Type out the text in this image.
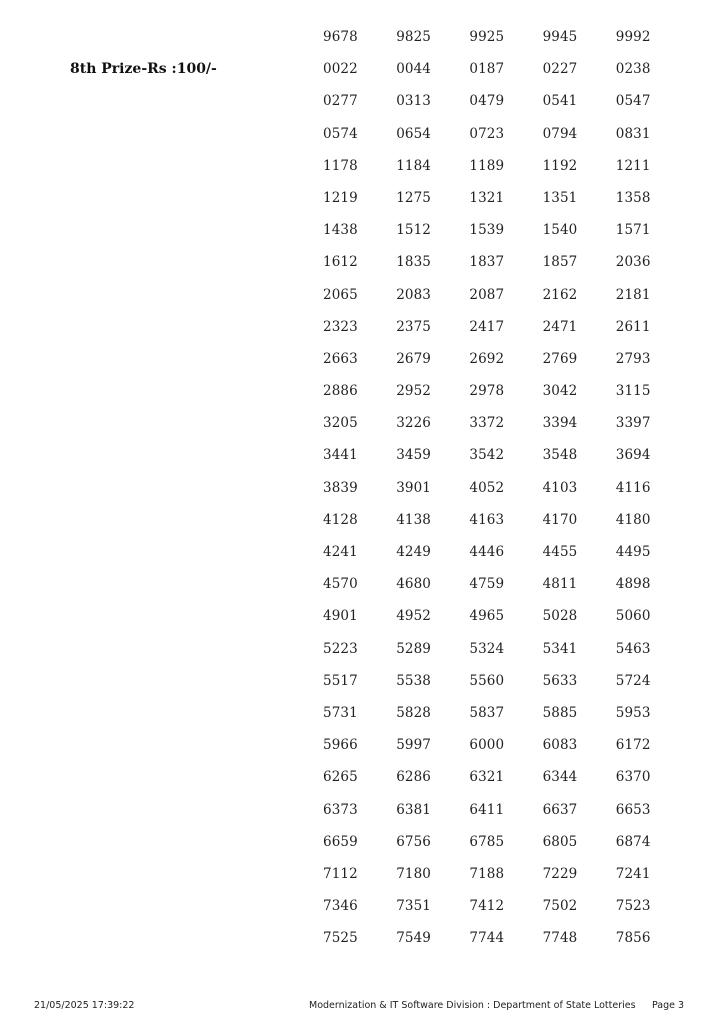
8th Prize-Rs :100/-
9678	9825	9925	9945	9992
0022	0044	0187	0227	0238
0277	0313	0479	0541	0547
0574	0654	0723	0794	0831
1178	1184	1189	1192	1211
1219	1275	1321	1351	1358
1438	1512	1539	1540	1571
1612	1835	1837	1857	2036
2065	2083	2087	2162	2181
2323	2375	2417	2471	2611
2663	2679	2692	2769	2793
2886	2952	2978	3042	3115
3205	3226	3372	3394	3397
3441	3459	3542	3548	3694
3839	3901	4052	4103	4116
4128	4138	4163	4170	4180
4241	4249	4446	4455	4495
4570	4680	4759	4811	4898
4901	4952	4965	5028	5060
5223	5289	5324	5341	5463
5517	5538	5560	5633	5724
5731	5828	5837	5885	5953
5966	5997	6000	6083	6172
6265	6286	6321	6344	6370
6373	6381	6411	6637	6653
6659	6756	6785	6805	6874
7112	7180	7188	7229	7241
7346	7351	7412	7502	7523
7525	7549	7744	7748	7856
21/05/2025 17:39:22	Modernization & IT Software Division : Department of State Lotteries Page 3
